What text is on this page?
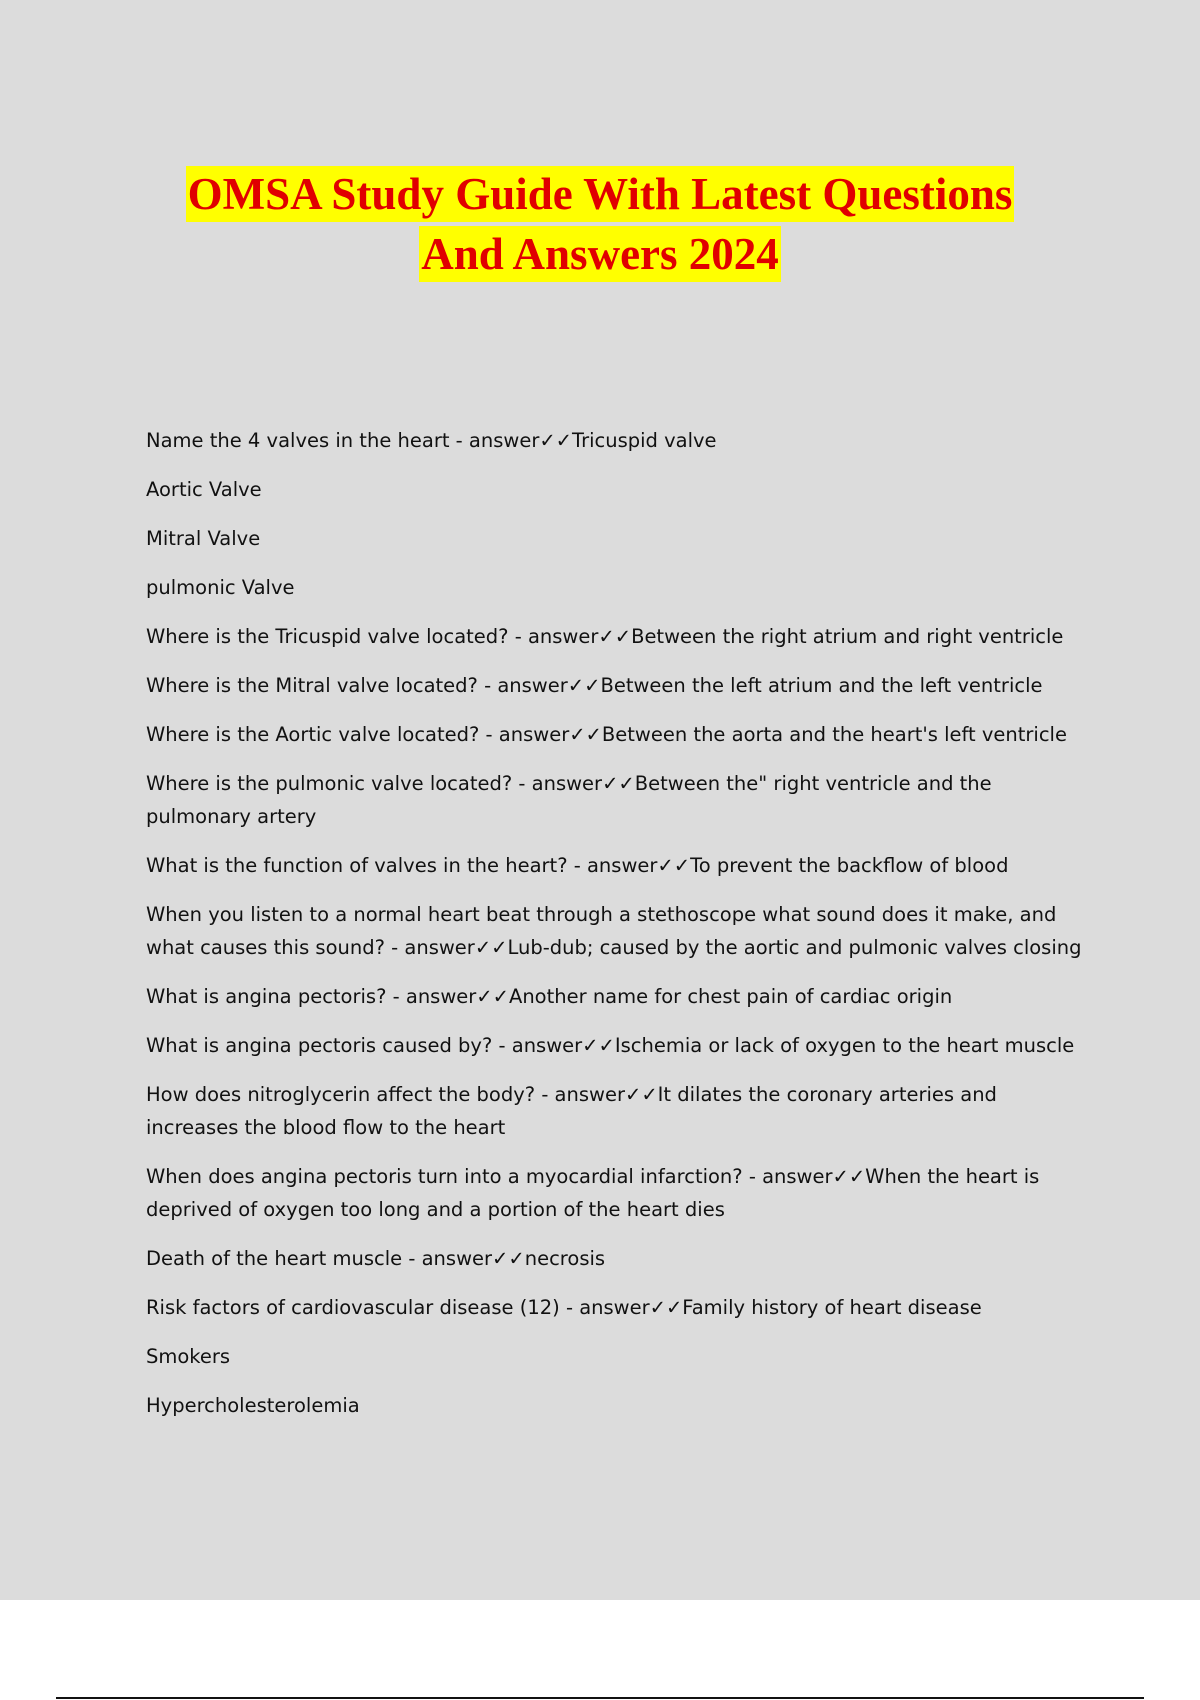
OMSA Study Guide With Latest Questions
And Answers 2024

Name the 4 valves in the heart - answer✓✓Tricuspid valve

Aortic Valve

Mitral Valve

pulmonic Valve

Where is the Tricuspid valve located? - answer✓✓Between the right atrium and right ventricle

Where is the Mitral valve located? - answer✓✓Between the left atrium and the left ventricle

Where is the Aortic valve located? - answer✓✓Between the aorta and the heart's left ventricle

Where is the pulmonic valve located? - answer✓✓Between the" right ventricle and the pulmonary artery

What is the function of valves in the heart? - answer✓✓To prevent the backflow of blood

When you listen to a normal heart beat through a stethoscope what sound does it make, and what causes this sound? - answer✓✓Lub-dub; caused by the aortic and pulmonic valves closing

What is angina pectoris? - answer✓✓Another name for chest pain of cardiac origin

What is angina pectoris caused by? - answer✓✓Ischemia or lack of oxygen to the heart muscle

How does nitroglycerin affect the body? - answer✓✓It dilates the coronary arteries and increases the blood flow to the heart

When does angina pectoris turn into a myocardial infarction? - answer✓✓When the heart is deprived of oxygen too long and a portion of the heart dies

Death of the heart muscle - answer✓✓necrosis

Risk factors of cardiovascular disease (12) - answer✓✓Family history of heart disease

Smokers

Hypercholesterolemia
